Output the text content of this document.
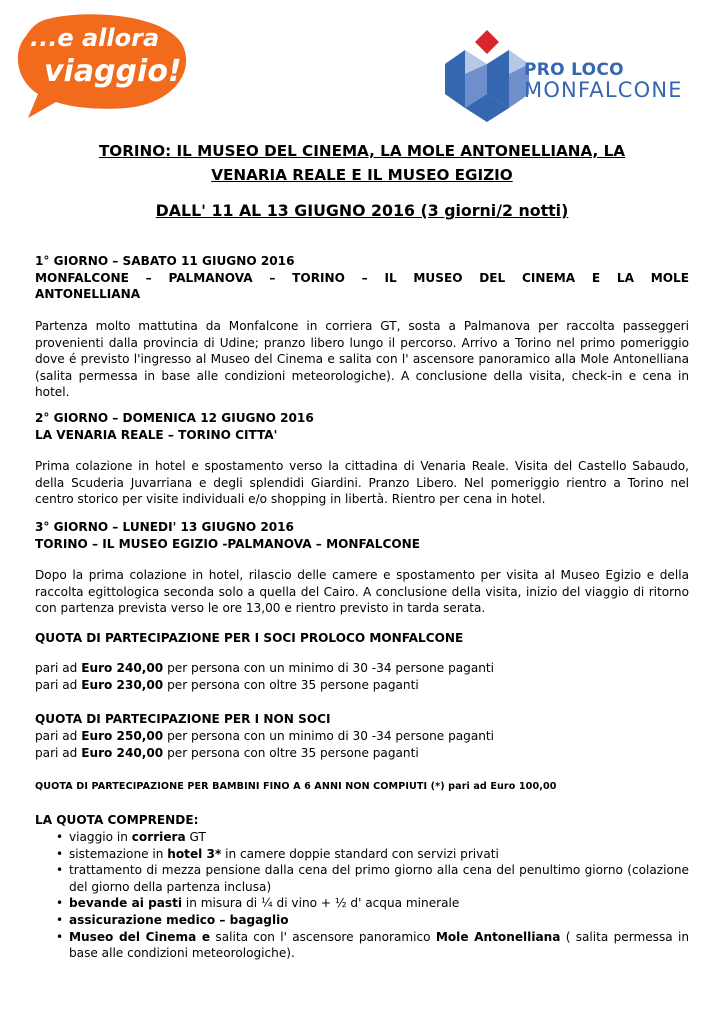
...e allora
viaggio!	PRO LOCO
MONFALCONE
TORINO: IL MUSEO DEL CINEMA, LA MOLE ANTONELLIANA, LA
VENARIA REALE E IL MUSEO EGIZIO
DALL' 11 AL 13 GIUGNO 2016 (3 giorni/2 notti)
1° GIORNO – SABATO 11 GIUGNO 2016
MONFALCONE – PALMANOVA – TORINO – IL MUSEO DEL CINEMA E LA MOLE
ANTONELLIANA
Partenza molto mattutina da Monfalcone in corriera GT, sosta a Palmanova per raccolta passeggeri provenienti dalla provincia di Udine; pranzo libero lungo il percorso. Arrivo a Torino nel primo pomeriggio dove é previsto l'ingresso al Museo del Cinema e salita con l' ascensore panoramico alla Mole Antonelliana (salita permessa in base alle condizioni meteorologiche). A conclusione della visita, check-in e cena in hotel.
2° GIORNO – DOMENICA 12 GIUGNO 2016
LA VENARIA REALE – TORINO CITTA'
Prima colazione in hotel e spostamento verso la cittadina di Venaria Reale. Visita del Castello Sabaudo, della Scuderia Juvarriana e degli splendidi Giardini. Pranzo Libero. Nel pomeriggio rientro a Torino nel centro storico per visite individuali e/o shopping in libertà. Rientro per cena in hotel.
3° GIORNO – LUNEDI' 13 GIUGNO 2016
TORINO – IL MUSEO EGIZIO -PALMANOVA – MONFALCONE
Dopo la prima colazione in hotel, rilascio delle camere e spostamento per visita al Museo Egizio e della raccolta egittologica seconda solo a quella del Cairo. A conclusione della visita, inizio del viaggio di ritorno con partenza prevista verso le ore 13,00 e rientro previsto in tarda serata.
QUOTA DI PARTECIPAZIONE PER I SOCI PROLOCO MONFALCONE
pari ad Euro 240,00 per persona con un minimo di 30 -34 persone paganti
pari ad Euro 230,00 per persona con oltre 35 persone paganti
QUOTA DI PARTECIPAZIONE PER I NON SOCI
pari ad Euro 250,00 per persona con un minimo di 30 -34 persone paganti
pari ad Euro 240,00 per persona con oltre 35 persone paganti
QUOTA DI PARTECIPAZIONE PER BAMBINI FINO A 6 ANNI NON COMPIUTI (*) pari ad Euro 100,00
LA QUOTA COMPRENDE:
• viaggio in corriera GT
• sistemazione in hotel 3* in camere doppie standard con servizi privati
• trattamento di mezza pensione dalla cena del primo giorno alla cena del penultimo giorno (colazione del giorno della partenza inclusa)
• bevande ai pasti in misura di ¼ di vino + ½ d' acqua minerale
• assicurazione medico – bagaglio
• Museo del Cinema e salita con l' ascensore panoramico Mole Antonelliana ( salita permessa in base alle condizioni meteorologiche).
